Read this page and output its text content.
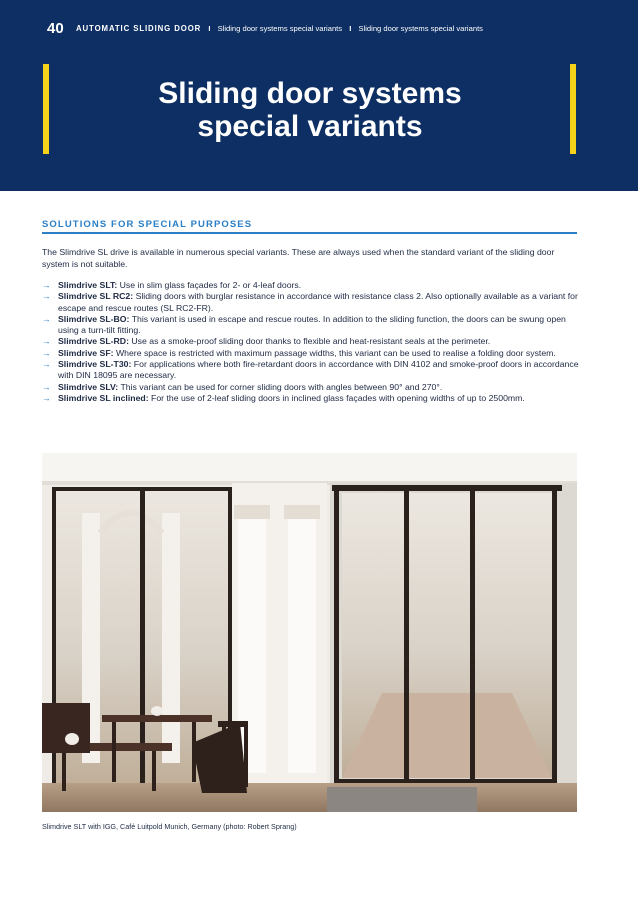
40 AUTOMATIC SLIDING DOOR I Sliding door systems special variants I Sliding door systems special variants
Sliding door systems
special variants
SOLUTIONS FOR SPECIAL PURPOSES

The Slimdrive SL drive is available in numerous special variants. These are always used when the standard variant of the sliding door system is not suitable.

→ Slimdrive SLT: Use in slim glass façades for 2- or 4-leaf doors.
→ Slimdrive SL RC2: Sliding doors with burglar resistance in accordance with resistance class 2. Also optionally available as a variant for escape and rescue routes (SL RC2-FR).
→ Slimdrive SL-BO: This variant is used in escape and rescue routes. In addition to the sliding function, the doors can be swung open using a turn-tilt fitting.
→ Slimdrive SL-RD: Use as a smoke-proof sliding door thanks to flexible and heat-resistant seals at the perimeter.
→ Slimdrive SF: Where space is restricted with maximum passage widths, this variant can be used to realise a folding door system.
→ Slimdrive SL-T30: For applications where both fire-retardant doors in accordance with DIN 4102 and smoke-proof doors in accordance with DIN 18095 are necessary.
→ Slimdrive SLV: This variant can be used for corner sliding doors with angles between 90° and 270°.
→ Slimdrive SL inclined: For the use of 2-leaf sliding doors in inclined glass façades with opening widths of up to 2500mm.
Slimdrive SLT with IGG, Café Luitpold Munich, Germany (photo: Robert Sprang)
